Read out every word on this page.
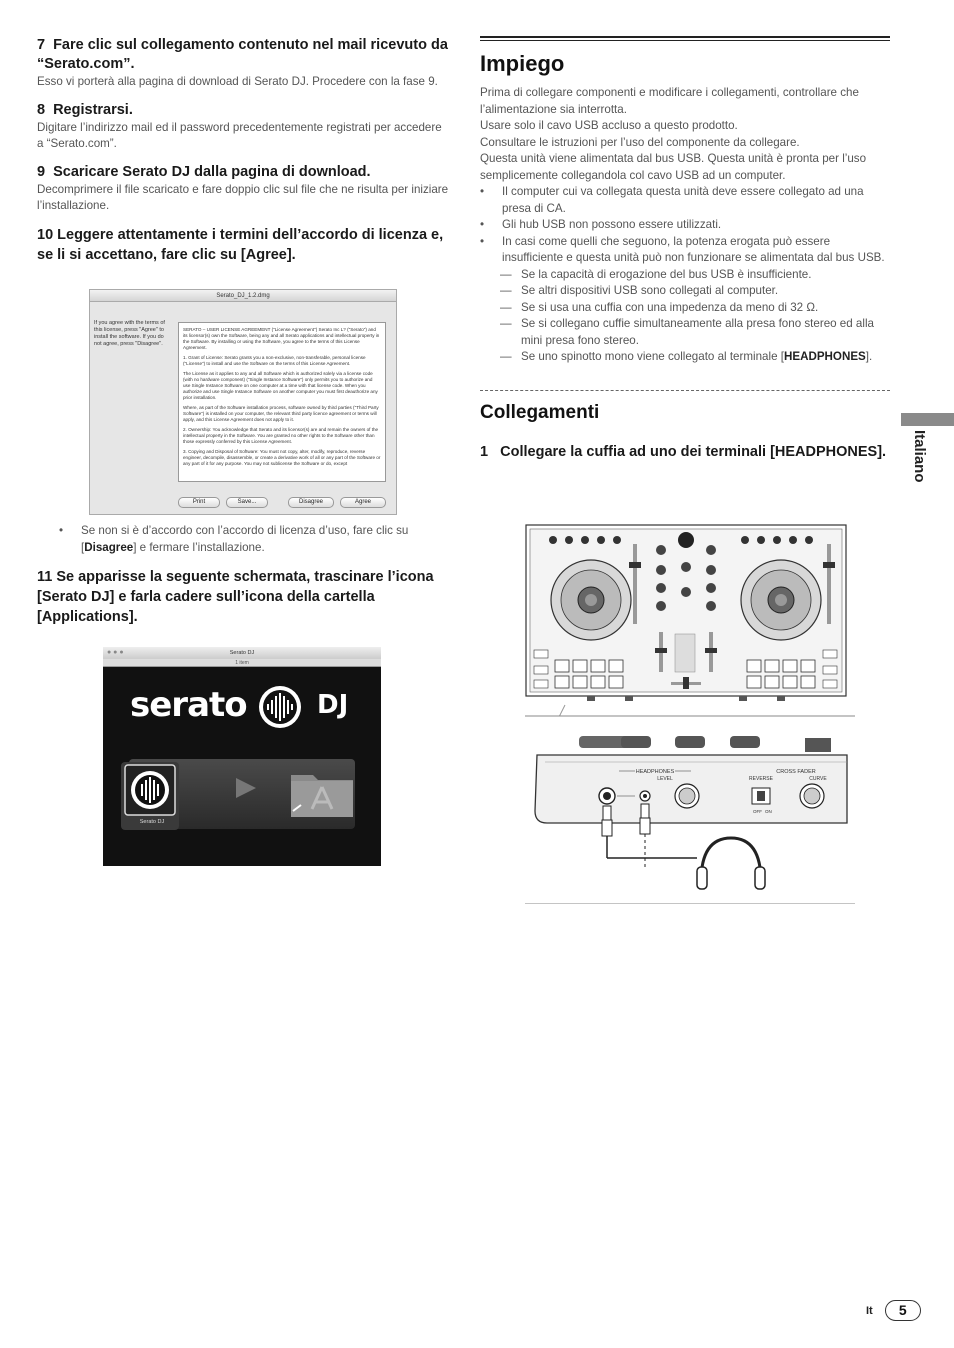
7 Fare clic sul collegamento contenuto nel mail ricevuto da “Serato.com”.
Esso vi porterà alla pagina di download di Serato DJ. Procedere con la fase 9.
8 Registrarsi.
Digitare l’indirizzo mail ed il password precedentemente registrati per accedere a “Serato.com”.
9 Scaricare Serato DJ dalla pagina di download.
Decomprimere il file scaricato e fare doppio clic sul file che ne risulta per iniziare l’installazione.
10 Leggere attentamente i termini dell’accordo di licenza e, se li si accettano, fare clic su [Agree].
Serato_DJ_1.2.dmg
If you agree with the terms of this license, press "Agree" to install the software. If you do not agree, press "Disagree".

SERATO – USER LICENSE AGREEMENT ("License Agreement") Serato Inc L? ("Serato") and its licensor(s) own the Software, being any and all Serato applications and intellectual property in the Software. By installing or using the Software, you agree to the terms of this License Agreement.

1. Grant of License: Serato grants you a non-exclusive, non-transferable, personal license ("License") to install and use the Software on the terms of this License Agreement.

The License as it applies to any and all Software which is authorized solely via a license code (with no hardware component) ("Single Instance Software") only permits you to authorize and use Single Instance Software on one computer at a time with that license code. When you authorize and use Single Instance Software on another computer you must first deauthorize any prior installation.

Where, as part of the Software installation process, software owned by third parties ("Third Party Software") is installed on your computer, the relevant third party licence agreement or terms will apply, and this License Agreement does not apply to it.

2. Ownership: You acknowledge that Serato and its licensor(s) are and remain the owners of the intellectual property in the Software. You are granted no other rights to the Software other than those expressly conferred by this License Agreement.

3. Copying and Disposal of Software: You must not copy, alter, modify, reproduce, reverse engineer, decompile, disassemble, or create a derivative work of all or any part of the Software or any part of it for any purpose. You may not sublicense the Software or do, except

Print	Save...	Disagree	Agree
•	Se non si è d’accordo con l’accordo di licenza d’uso, fare clic su [Disagree] e fermare l’installazione.
11 Se apparisse la seguente schermata, trascinare l’icona [Serato DJ] e farla cadere sull’icona della cartella [Applications].
● ● ●	Serato DJ
1 item
serato	DJ
Serato DJ
Impiego
Prima di collegare componenti e modificare i collegamenti, controllare che l’alimentazione sia interrotta.
Usare solo il cavo USB accluso a questo prodotto.
Consultare le istruzioni per l’uso del componente da collegare.
Questa unità viene alimentata dal bus USB. Questa unità è pronta per l’uso semplicemente collegandola col cavo USB ad un computer.
•	Il computer cui va collegata questa unità deve essere collegato ad una presa di CA.
•	Gli hub USB non possono essere utilizzati.
•	In casi come quelli che seguono, la potenza erogata può essere insufficiente e questa unità può non funzionare se alimentata dal bus USB.
— Se la capacità di erogazione del bus USB è insufficiente.
— Se altri dispositivi USB sono collegati al computer.
— Se si usa una cuffia con una impedenza da meno di 32 Ω.
— Se si collegano cuffie simultaneamente alla presa fono stereo ed alla mini presa fono stereo.
— Se uno spinotto mono viene collegato al terminale [HEADPHONES].
Collegamenti
1   Collegare la cuffia ad uno dei terminali [HEADPHONES].
HEADPHONES
LEVEL
CROSS FADER
REVERSE	CURVE
OFF ON
Italiano
It	5
